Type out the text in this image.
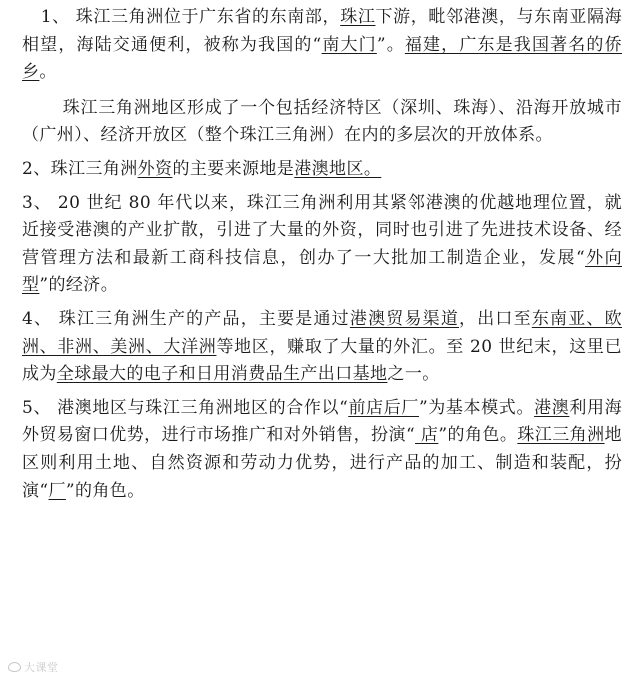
1、 珠江三角洲位于广东省的东南部，珠江下游，毗邻港澳，与东南亚隔海相望，海陆交通便利，被称为我国的“南大门”。福建，广东是我国著名的侨乡。

珠江三角洲地区形成了一个包括经济特区（深圳、珠海）、沿海开放城市（广州）、经济开放区（整个珠江三角洲）在内的多层次的开放体系。

2、珠江三角洲外资的主要来源地是港澳地区。

3、 20 世纪 80 年代以来，珠江三角洲利用其紧邻港澳的优越地理位置，就近接受港澳的产业扩散，引进了大量的外资，同时也引进了先进技术设备、经营管理方法和最新工商科技信息，创办了一大批加工制造企业，发展“外向型”的经济。

4、 珠江三角洲生产的产品，主要是通过港澳贸易渠道，出口至东南亚、欧洲、非洲、美洲、大洋洲等地区，赚取了大量的外汇。至 20 世纪末，这里已成为全球最大的电子和日用消费品生产出口基地之一。

5、 港澳地区与珠江三角洲地区的合作以“前店后厂”为基本模式。港澳利用海外贸易窗口优势，进行市场推广和对外销售，扮演“ 店”的角色。珠江三角洲地区则利用土地、自然资源和劳动力优势，进行产品的加工、制造和装配，扮演“厂”的角色。

大课堂
